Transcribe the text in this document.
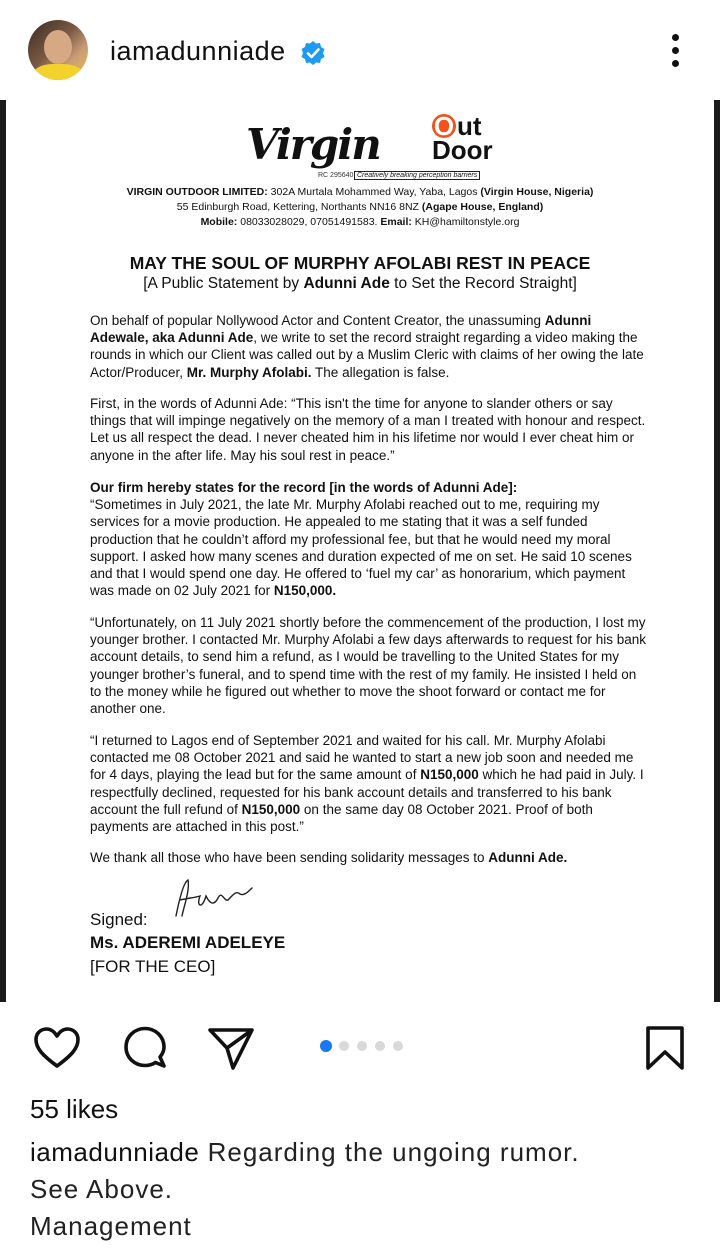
iamadunniade
Virgin O ut
Door
RC 295640 Creatively breaking perception barriers
VIRGIN OUTDOOR LIMITED: 302A Murtala Mohammed Way, Yaba, Lagos (Virgin House, Nigeria)
55 Edinburgh Road, Kettering, Northants NN16 8NZ (Agape House, England)
Mobile: 08033028029, 07051491583. Email: KH@hamiltonstyle.org
MAY THE SOUL OF MURPHY AFOLABI REST IN PEACE
[A Public Statement by Adunni Ade to Set the Record Straight]
On behalf of popular Nollywood Actor and Content Creator, the unassuming Adunni Adewale, aka Adunni Ade, we write to set the record straight regarding a video making the rounds in which our Client was called out by a Muslim Cleric with claims of her owing the late Actor/Producer, Mr. Murphy Afolabi. The allegation is false.
First, in the words of Adunni Ade: “This isn't the time for anyone to slander others or say things that will impinge negatively on the memory of a man I treated with honour and respect. Let us all respect the dead. I never cheated him in his lifetime nor would I ever cheat him or anyone in the after life. May his soul rest in peace.”
Our firm hereby states for the record [in the words of Adunni Ade]:
“Sometimes in July 2021, the late Mr. Murphy Afolabi reached out to me, requiring my services for a movie production. He appealed to me stating that it was a self funded production that he couldn’t afford my professional fee, but that he would need my moral support. I asked how many scenes and duration expected of me on set. He said 10 scenes and that I would spend one day. He offered to ‘fuel my car’ as honorarium, which payment was made on 02 July 2021 for N150,000.
“Unfortunately, on 11 July 2021 shortly before the commencement of the production, I lost my younger brother. I contacted Mr. Murphy Afolabi a few days afterwards to request for his bank account details, to send him a refund, as I would be travelling to the United States for my younger brother’s funeral, and to spend time with the rest of my family. He insisted I held on to the money while he figured out whether to move the shoot forward or contact me for another one.
“I returned to Lagos end of September 2021 and waited for his call. Mr. Murphy Afolabi contacted me 08 October 2021 and said he wanted to start a new job soon and needed me for 4 days, playing the lead but for the same amount of N150,000 which he had paid in July. I respectfully declined, requested for his bank account details and transferred to his bank account the full refund of N150,000 on the same day 08 October 2021. Proof of both payments are attached in this post.”
We thank all those who have been sending solidarity messages to Adunni Ade.
Signed:
Ms. ADEREMI ADELEYE
[FOR THE CEO]
55 likes
iamadunniade Regarding the ungoing rumor.
See Above.
Management
